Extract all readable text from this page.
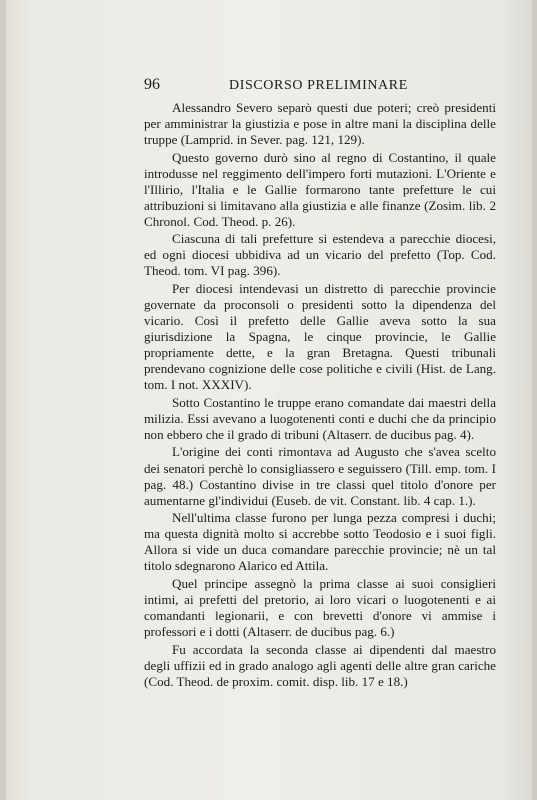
96	DISCORSO PRELIMINARE

Alessandro Severo separò questi due poteri; creò presidenti per amministrar la giustizia e pose in altre mani la disciplina delle truppe (Lamprid. in Sever. pag. 121, 129).

Questo governo durò sino al regno di Costantino, il quale introdusse nel reggimento dell'impero forti mutazioni. L'Oriente e l'Illirio, l'Italia e le Gallie formarono tante prefetture le cui attribuzioni si limitavano alla giustizia e alle finanze (Zosim. lib. 2 Chronol. Cod. Theod. p. 26).

Ciascuna di tali prefetture si estendeva a parecchie diocesi, ed ogni diocesi ubbidiva ad un vicario del prefetto (Top. Cod. Theod. tom. VI pag. 396).

Per diocesi intendevasi un distretto di parecchie provincie governate da proconsoli o presidenti sotto la dipendenza del vicario. Così il prefetto delle Gallie aveva sotto la sua giurisdizione la Spagna, le cinque provincie, le Gallie propriamente dette, e la gran Bretagna. Questi tribunali prendevano cognizione delle cose politiche e civili (Hist. de Lang. tom. I not. XXXIV).

Sotto Costantino le truppe erano comandate dai maestri della milizia. Essi avevano a luogotenenti conti e duchi che da principio non ebbero che il grado di tribuni (Altaserr. de ducibus pag. 4).

L'origine dei conti rimontava ad Augusto che s'avea scelto dei senatori perchè lo consigliassero e seguissero (Till. emp. tom. I pag. 48.) Costantino divise in tre classi quel titolo d'onore per aumentarne gl'individui (Euseb. de vit. Constant. lib. 4 cap. 1.).

Nell'ultima classe furono per lunga pezza compresi i duchi; ma questa dignità molto si accrebbe sotto Teodosio e i suoi figli. Allora si vide un duca comandare parecchie provincie; nè un tal titolo sdegnarono Alarico ed Attila.

Quel principe assegnò la prima classe ai suoi consiglieri intimi, ai prefetti del pretorio, ai loro vicari o luogotenenti e ai comandanti legionarii, e con brevetti d'onore vi ammise i professori e i dotti (Altaserr. de ducibus pag. 6.)

Fu accordata la seconda classe ai dipendenti dal maestro degli uffizii ed in grado analogo agli agenti delle altre gran cariche (Cod. Theod. de proxim. comit. disp. lib. 17 e 18.)
